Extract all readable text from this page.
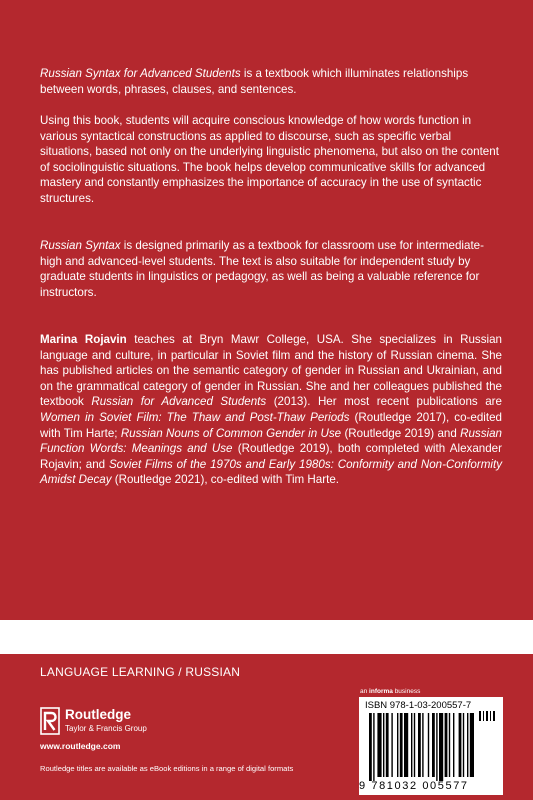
Russian Syntax for Advanced Students is a textbook which illuminates relationships between words, phrases, clauses, and sentences.

Using this book, students will acquire conscious knowledge of how words function in various syntactical constructions as applied to discourse, such as specific verbal situations, based not only on the underlying linguistic phenomena, but also on the content of sociolinguistic situations. The book helps develop communicative skills for advanced mastery and constantly emphasizes the importance of accuracy in the use of syntactic structures.

Russian Syntax is designed primarily as a textbook for classroom use for intermediate-high and advanced-level students. The text is also suitable for independent study by graduate students in linguistics or pedagogy, as well as being a valuable reference for instructors.

Marina Rojavin teaches at Bryn Mawr College, USA. She specializes in Russian language and culture, in particular in Soviet film and the history of Russian cinema. She has published articles on the semantic category of gender in Russian and Ukrainian, and on the grammatical category of gender in Russian. She and her colleagues published the textbook Russian for Advanced Students (2013). Her most recent publications are Women in Soviet Film: The Thaw and Post-Thaw Periods (Routledge 2017), co-edited with Tim Harte; Russian Nouns of Common Gender in Use (Routledge 2019) and Russian Function Words: Meanings and Use (Routledge 2019), both completed with Alexander Rojavin; and Soviet Films of the 1970s and Early 1980s: Conformity and Non-Conformity Amidst Decay (Routledge 2021), co-edited with Tim Harte.

LANGUAGE LEARNING / RUSSIAN
Routledge
Taylor & Francis Group
www.routledge.com
Routledge titles are available as eBook editions in a range of digital formats
an informa business
ISBN 978-1-03-200557-7
9 781032 005577
